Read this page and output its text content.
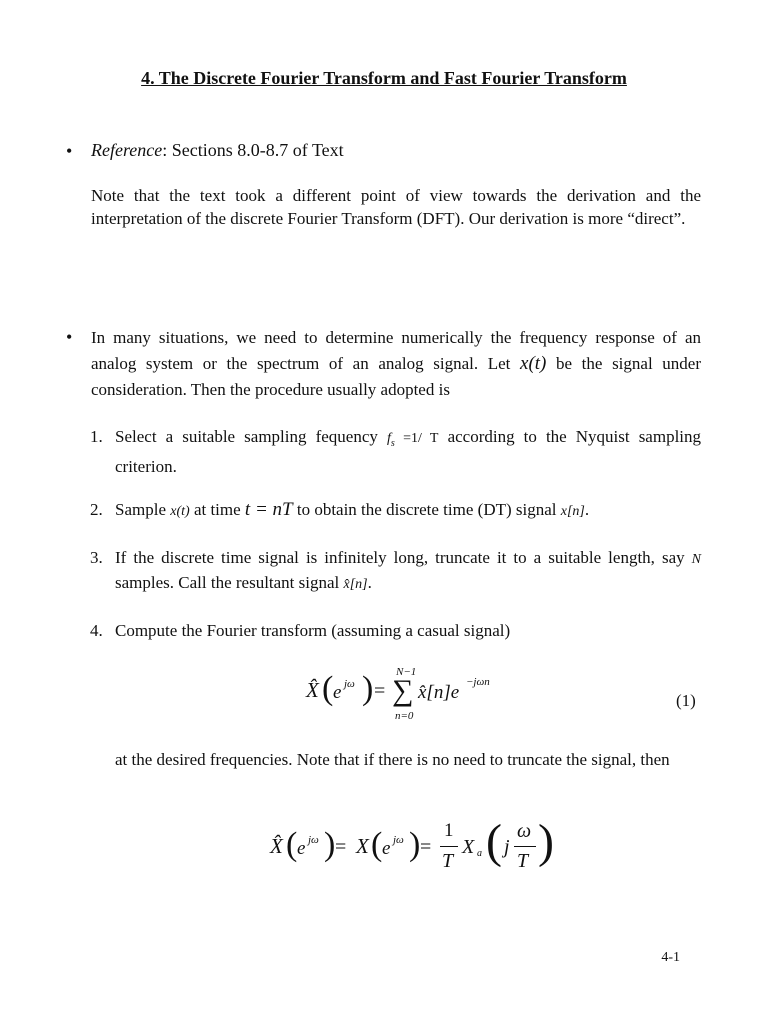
4. The Discrete Fourier Transform and Fast Fourier Transform
• Reference: Sections 8.0-8.7 of Text

Note that the text took a different point of view towards the derivation and the interpretation of the discrete Fourier Transform (DFT). Our derivation is more “direct”.

• In many situations, we need to determine numerically the frequency response of an analog system or the spectrum of an analog signal. Let x(t) be the signal under consideration. Then the procedure usually adopted is

1. Select a suitable sampling fequency $f_s =1/$ T according to the Nyquist sampling criterion.
2. Sample x(t) at time t = nT to obtain the discrete time (DT) signal x[n].
3. If the discrete time signal is infinitely long, truncate it to a suitable length, say N samples. Call the resultant signal x̂[n].
4. Compute the Fourier transform (assuming a casual signal)
X̂ ( e jω ) =
N−1
∑
n=0
x̂[n]e −jωn
(1)
at the desired frequencies. Note that if there is no need to truncate the signal, then
X̂ ( e jω ) = X ( e jω ) =
1
T
X a ( j
ω
T )
4-1
